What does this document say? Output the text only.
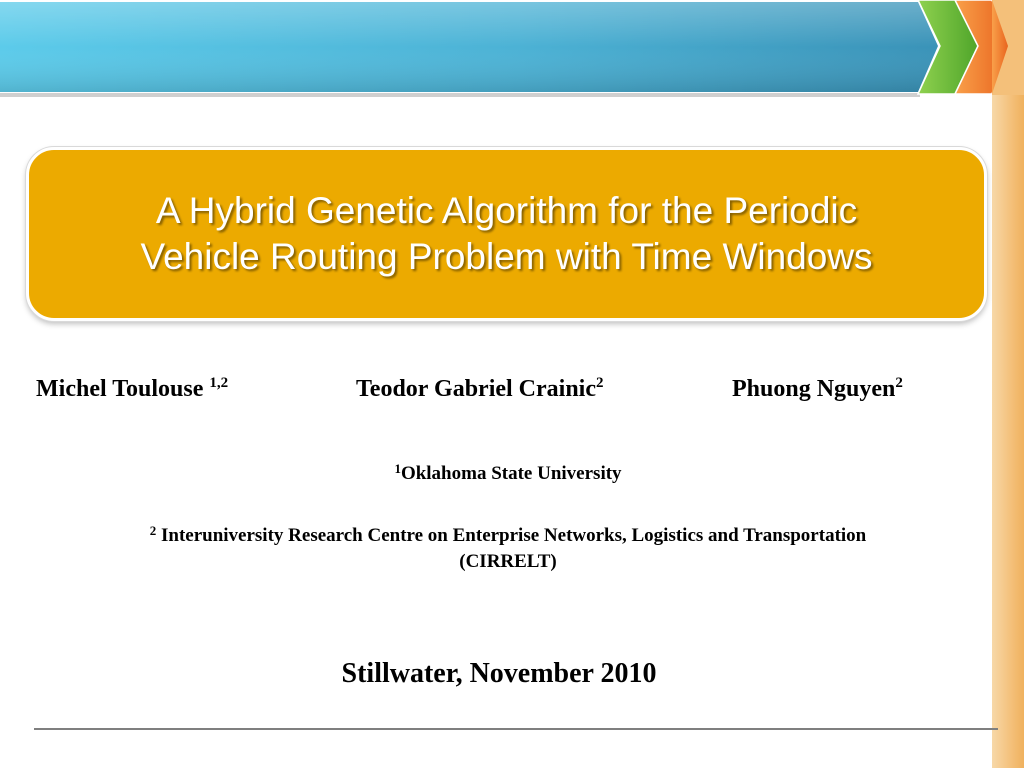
A Hybrid Genetic Algorithm for the Periodic
Vehicle Routing Problem with Time Windows
Michel Toulouse $^{1,2}$	Teodor Gabriel Crainic$^2$	Phuong Nguyen$^2$
$^1$Oklahoma State University
$^2$ Interuniversity Research Centre on Enterprise Networks, Logistics and Transportation
(CIRRELT)
Stillwater, November 2010
